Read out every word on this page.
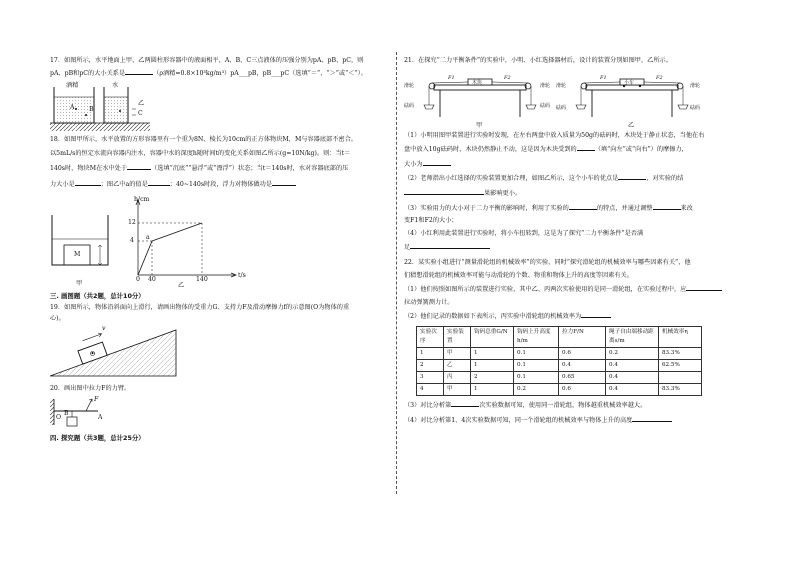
17．如图所示，水平地面上甲、乙两圆柱形容器中的液面相平，A、B、C三点液体的压强分别为pA、pB、pC，则

pA、pB和pC的大小关系是	（ρ酒精=0.8×10³kg/m³）pA___pB，pB___pC（选填“＝”、“＞”或“＜”）。

酒精	水
A B
C
甲
乙

18．如图甲所示，水平放置的方形容器里有一个重为8N、棱长为10cm的正方体物块M，M与容器底部不密合。

以5mL/s的恒定水流向容器内注水，容器中水的深度h随时间t的变化关系如图乙所示(g=10N/kg)。则：当t＝

140s时，物块M在水中处于	（选填“沉底”“悬浮”或“漂浮”）状态；当t＝140s时，水对容器底部的压

力大小是	；图乙中a的值是	；40~140s时段，浮力对物体做功是

M
h/cm
12
4 a
0 40	140
t/s
甲	乙

三. 画图题（共2题，总计10分）

19．如图所示，物体沿斜面向上滑行，请画出物体的受重力G、支持力F及滑动摩擦力f的示意图(O为物体的重

心)。

v
O

20．画出图中拉力F的力臂。

F
O
B
A

四. 探究题（共3题，总计25分）

21．在探究“二力平衡条件”的实验中，小明、小红选择器材后，设计的装置分别如图甲、乙所示。

木块	小车
F1	F2	F1	F2
滑轮	滑轮
砝码	砝码
滑轮	滑轮
砝码	砝码
甲	乙

（1）小明用图甲装置进行实验时发现，在左右两盘中放入质量为50g的砝码时，木块处于静止状态，当他在右

盘中放入10g砝码时，木块仍然静止不动，这是因为木块受到的	（填“向左”或“向右”）的摩擦力，

大小为

（2）老师指出小红选择的实验装置更加合理，如图乙所示，这个小车的优点是	，对实验的结

果影响更小。

（3）实验用力的大小对于二力平衡的影响时，利用了实验的	的特点，并通过调整	来改

变F1和F2的大小；

（4）小红利用此装置进行实验时，将小车扭转到，这是为了探究“二力平衡条件”是否满

足

22．某实验小组进行“测量滑轮组的机械效率”的实验，同时“探究滑轮组的机械效率与哪些因素有关”，他

们猜想滑轮组的机械效率可能与动滑轮的个数、物重和物体上升的高度等因素有关。

（1）他们按照如图所示的装置进行实验，其中乙、丙两次实验使用的是同一滑轮组，在实验过程中，应

拉动弹簧测力计。

（2）他们记录的数据如下表所示，丙实验中滑轮组的机械效率为

实验次序	实验装置	钩码总重G/N	钩码上升高度h/m	拉力F/N	绳子自由端移动距离s/m	机械效率η
1	甲	1	0.1	0.6	0.2	83.3%
2	乙	1	0.1	0.4	0.4	62.5%
3	丙	2	0.1	0.65	0.4	
4	甲	1	0.2	0.6	0.4	83.3%

（3）对比分析第	次实验数据可知，使用同一滑轮组，物体越重机械效率越大。

（4）对比分析第1、4次实验数据可知，同一个滑轮组的机械效率与物体上升的高度
